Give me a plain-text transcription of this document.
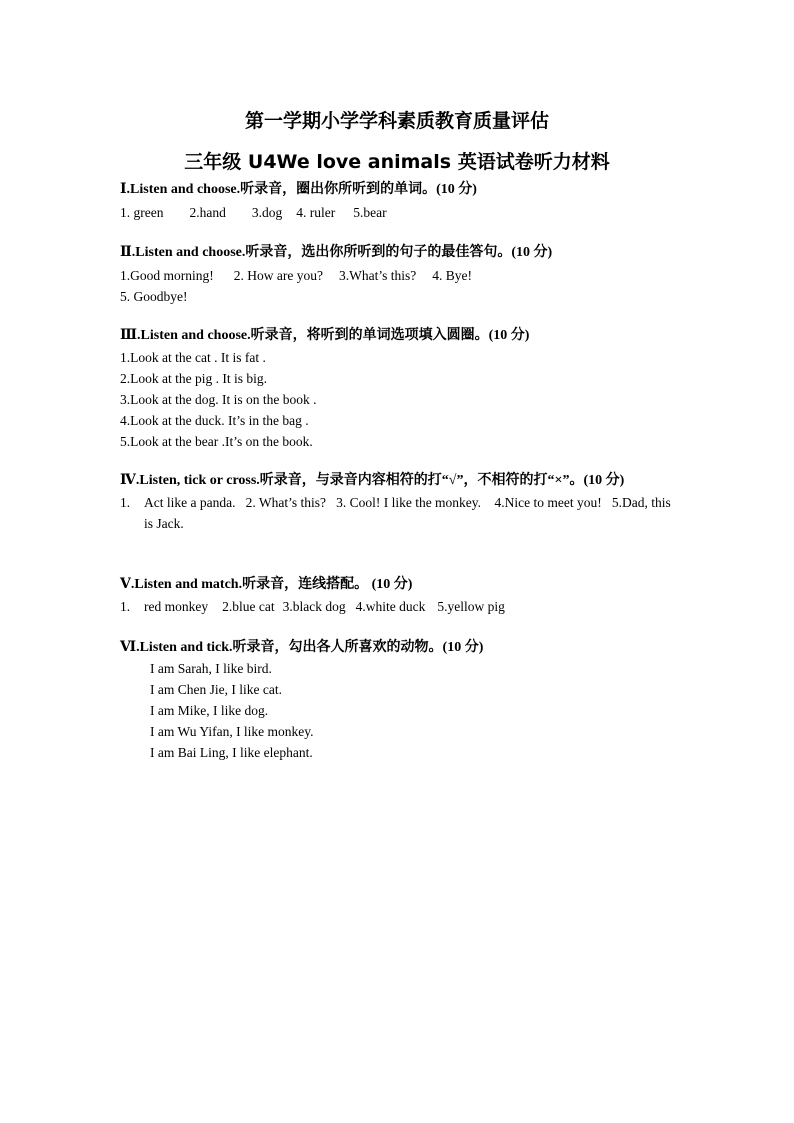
第一学期小学学科素质教育质量评估
三年级 U4We love animals 英语试卷听力材料
Ⅰ.Listen and choose.听录音，圈出你所听到的单词。(10 分)
1. green 2.hand 3.dog 4. ruler 5.bear
Ⅱ.Listen and choose.听录音，选出你所听到的句子的最佳答句。(10 分)
1.Good morning! 2. How are you? 3.What’s this? 4. Bye!
5. Goodbye!
Ⅲ.Listen and choose.听录音，将听到的单词选项填入圆圈。(10 分)
1.Look at the cat . It is fat .
2.Look at the pig . It is big.
3.Look at the dog. It is on the book .
4.Look at the duck. It’s in the bag .
5.Look at the bear .It’s on the book.
Ⅳ.Listen, tick or cross.听录音，与录音内容相符的打“√”，不相符的打“×”。(10 分)
1. Act like a panda.   2. What’s this?   3. Cool! I like the monkey.    4.Nice to meet you!   5.Dad, this is Jack.
Ⅴ.Listen and match.听录音，连线搭配。 (10 分)
1. red monkey 2.blue cat 3.black dog 4.white duck 5.yellow pig
Ⅵ.Listen and tick.听录音，勾出各人所喜欢的动物。(10 分)
I am Sarah, I like bird.
I am Chen Jie, I like cat.
I am Mike, I like dog.
I am Wu Yifan, I like monkey.
I am Bai Ling, I like elephant.
